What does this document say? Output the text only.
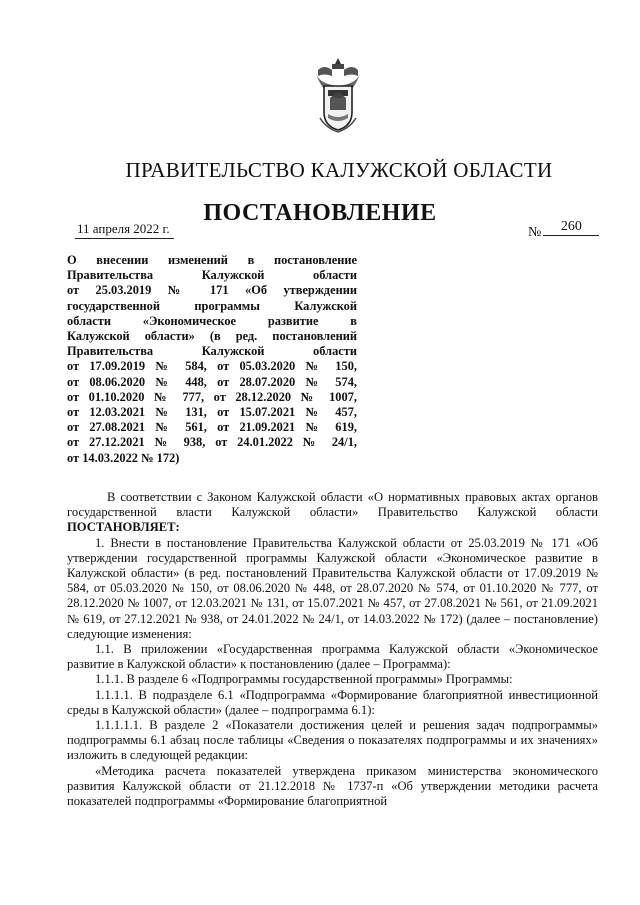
ПРАВИТЕЛЬСТВО КАЛУЖСКОЙ ОБЛАСТИ
ПОСТАНОВЛЕНИЕ
11 апреля 2022 г.	№ 260
О внесении изменений в постановление
Правительства Калужской области
от 25.03.2019 № 171 «Об утверждении
государственной программы Калужской
области «Экономическое развитие в
Калужской области» (в ред. постановлений
Правительства Калужской области
от 17.09.2019 № 584, от 05.03.2020 № 150,
от 08.06.2020 № 448, от 28.07.2020 № 574,
от 01.10.2020 № 777, от 28.12.2020 № 1007,
от 12.03.2021 № 131, от 15.07.2021 № 457,
от 27.08.2021 № 561, от 21.09.2021 № 619,
от 27.12.2021 № 938, от 24.01.2022 № 24/1,
от 14.03.2022 № 172)

В соответствии с Законом Калужской области «О нормативных правовых актах органов государственной власти Калужской области» Правительство Калужской области ПОСТАНОВЛЯЕТ:

1. Внести в постановление Правительства Калужской области от 25.03.2019 № 171 «Об утверждении государственной программы Калужской области «Экономическое развитие в Калужской области» (в ред. постановлений Правительства Калужской области от 17.09.2019 № 584, от 05.03.2020 № 150, от 08.06.2020 № 448, от 28.07.2020 № 574, от 01.10.2020 № 777, от 28.12.2020 № 1007, от 12.03.2021 № 131, от 15.07.2021 № 457, от 27.08.2021 № 561, от 21.09.2021 № 619, от 27.12.2021 № 938, от 24.01.2022 № 24/1, от 14.03.2022 № 172) (далее – постановление) следующие изменения:

1.1. В приложении «Государственная программа Калужской области «Экономическое развитие в Калужской области» к постановлению (далее – Программа):

1.1.1. В разделе 6 «Подпрограммы государственной программы» Программы:

1.1.1.1. В подразделе 6.1 «Подпрограмма «Формирование благоприятной инвестиционной среды в Калужской области» (далее – подпрограмма 6.1):

1.1.1.1.1. В разделе 2 «Показатели достижения целей и решения задач подпрограммы» подпрограммы 6.1 абзац после таблицы «Сведения о показателях подпрограммы и их значениях» изложить в следующей редакции:

«Методика расчета показателей утверждена приказом министерства экономического развития Калужской области от 21.12.2018 № 1737-п «Об утверждении методики расчета показателей подпрограммы «Формирование благоприятной
